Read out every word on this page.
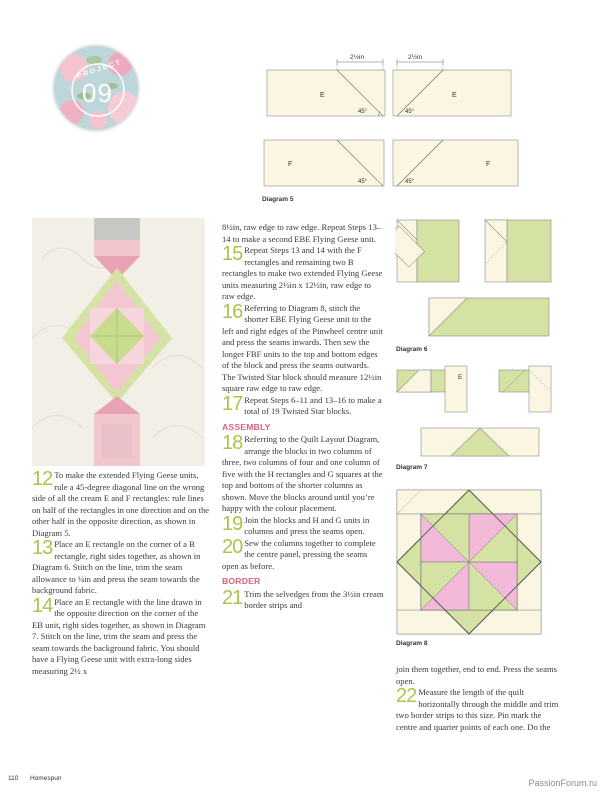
PROJECT
09
2½in
E
45°
2½in
E
45°
F
45°
F
45°
Diagram 5
Diagram 6
E
Diagram 7
Diagram 8
12 To make the extended Flying Geese units, rule a 45-degree diagonal line on the wrong side of all the cream E and F rectangles: rule lines on half of the rectangles in one direction and on the other half in the opposite direction, as shown in Diagram 5.
13 Place an E rectangle on the corner of a B rectangle, right sides together, as shown in Diagram 6. Stitch on the line, trim the seam allowance to ¼in and press the seam towards the background fabric.
14 Place an E rectangle with the line drawn in the opposite direction on the corner of the EB unit, right sides together, as shown in Diagram 7. Stitch on the line, trim the seam and press the seam towards the background fabric. You should have a Flying Geese unit with extra-long sides measuring 2½ x

8½in, raw edge to raw edge. Repeat Steps 13–14 to make a second EBE Flying Geese unit.

15 Repeat Steps 13 and 14 with the F rectangles and remaining two B rectangles to make two extended Flying Geese units measuring 2½in x 12½in, raw edge to raw edge.
16 Referring to Diagram 8, stitch the shorter EBE Flying Geese unit to the left and right edges of the Pinwheel centre unit and press the seams inwards. Then sew the longer FBF units to the top and bottom edges of the block and press the seams outwards. The Twisted Star block should measure 12½in square raw edge to raw edge.
17 Repeat Steps 6–11 and 13–16 to make a total of 19 Twisted Star blocks.
ASSEMBLY
18 Referring to the Quilt Layout Diagram, arrange the blocks in two columns of three, two columns of four and one column of five with the H rectangles and G squares at the top and bottom of the shorter columns as shown. Move the blocks around until you’re happy with the colour placement.
19 Join the blocks and H and G units in columns and press the seams open.
20 Sew the columns together to complete the centre panel, pressing the seams open as before.
BORDER
21 Trim the selvedges from the 3½in cream border strips and

join them together, end to end. Press the seams open.

22 Measure the length of the quilt horizontally through the middle and trim two border strips to this size. Pin mark the centre and quarter points of each one. Do the
110 Homespun	PassionForum.ru
